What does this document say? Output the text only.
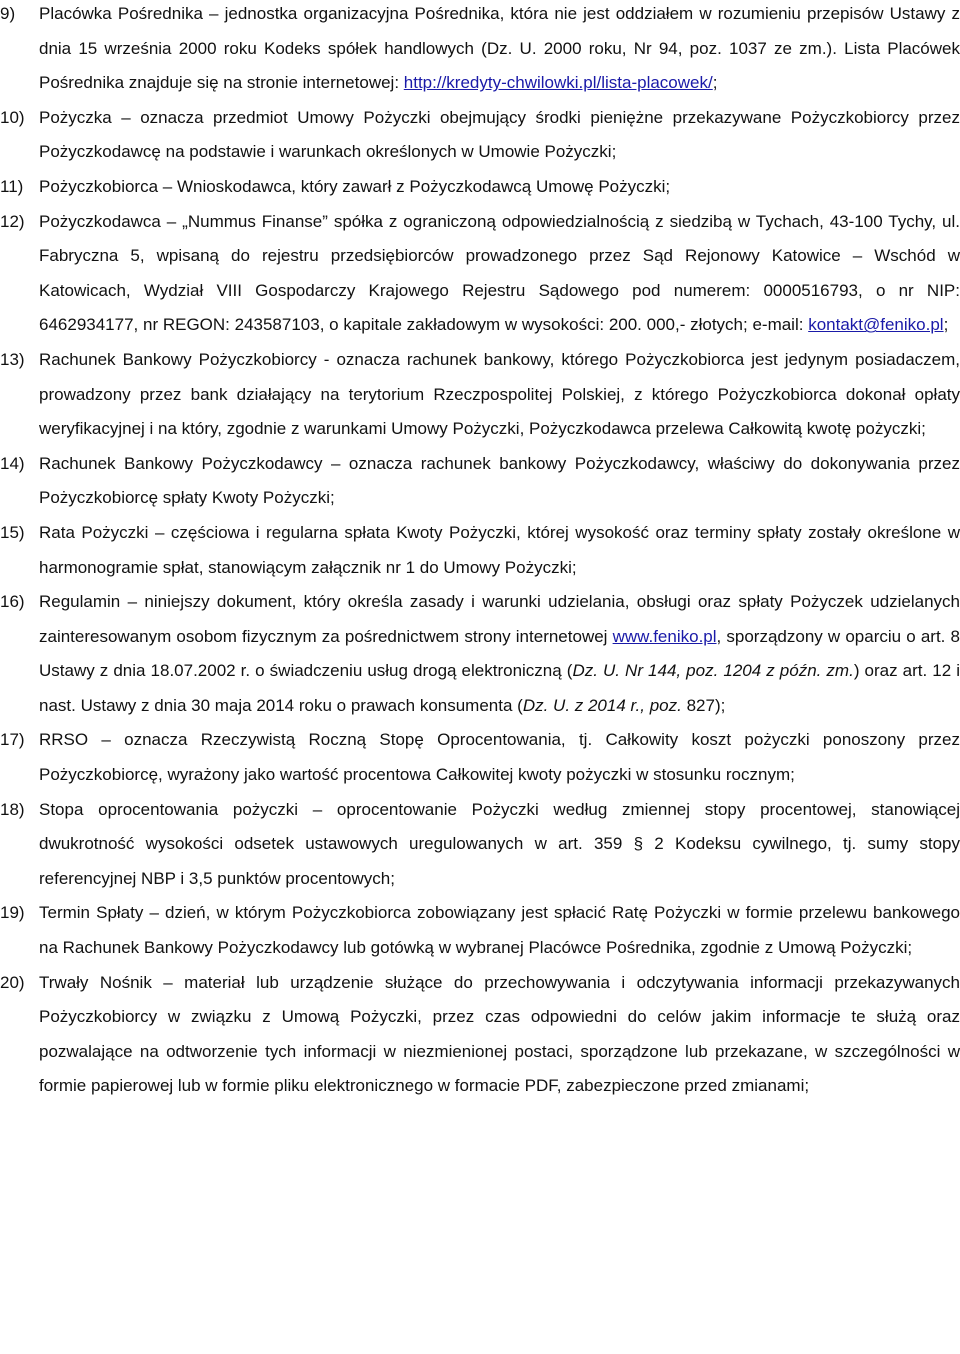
9) Placówka Pośrednika – jednostka organizacyjna Pośrednika, która nie jest oddziałem w rozumieniu przepisów Ustawy z dnia 15 września 2000 roku Kodeks spółek handlowych (Dz. U. 2000 roku, Nr 94, poz. 1037 ze zm.). Lista Placówek Pośrednika znajduje się na stronie internetowej: http://kredyty-chwilowki.pl/lista-placowek/;
10) Pożyczka – oznacza przedmiot Umowy Pożyczki obejmujący środki pieniężne przekazywane Pożyczkobiorcy przez Pożyczkodawcę na podstawie i warunkach określonych w Umowie Pożyczki;
11) Pożyczkobiorca – Wnioskodawca, który zawarł z Pożyczkodawcą Umowę Pożyczki;
12) Pożyczkodawca – „Nummus Finanse” spółka z ograniczoną odpowiedzialnością z siedzibą w Tychach, 43-100 Tychy, ul. Fabryczna 5, wpisaną do rejestru przedsiębiorców prowadzonego przez Sąd Rejonowy Katowice – Wschód w Katowicach, Wydział VIII Gospodarczy Krajowego Rejestru Sądowego pod numerem: 0000516793, o nr NIP: 6462934177, nr REGON: 243587103, o kapitale zakładowym w wysokości: 200. 000,- złotych; e-mail: kontakt@feniko.pl;
13) Rachunek Bankowy Pożyczkobiorcy - oznacza rachunek bankowy, którego Pożyczkobiorca jest jedynym posiadaczem, prowadzony przez bank działający na terytorium Rzeczpospolitej Polskiej, z którego Pożyczkobiorca dokonał opłaty weryfikacyjnej i na który, zgodnie z warunkami Umowy Pożyczki, Pożyczkodawca przelewa Całkowitą kwotę pożyczki;
14) Rachunek Bankowy Pożyczkodawcy – oznacza rachunek bankowy Pożyczkodawcy, właściwy do dokonywania przez Pożyczkobiorcę spłaty Kwoty Pożyczki;
15) Rata Pożyczki – częściowa i regularna spłata Kwoty Pożyczki, której wysokość oraz terminy spłaty zostały określone w harmonogramie spłat, stanowiącym załącznik nr 1 do Umowy Pożyczki;
16) Regulamin – niniejszy dokument, który określa zasady i warunki udzielania, obsługi oraz spłaty Pożyczek udzielanych zainteresowanym osobom fizycznym za pośrednictwem strony internetowej www.feniko.pl, sporządzony w oparciu o art. 8 Ustawy z dnia 18.07.2002 r. o świadczeniu usług drogą elektroniczną (Dz. U. Nr 144, poz. 1204 z późn. zm.) oraz art. 12 i nast. Ustawy z dnia 30 maja 2014 roku o prawach konsumenta (Dz. U. z 2014 r., poz. 827);
17) RRSO – oznacza Rzeczywistą Roczną Stopę Oprocentowania, tj. Całkowity koszt pożyczki ponoszony przez Pożyczkobiorcę, wyrażony jako wartość procentowa Całkowitej kwoty pożyczki w stosunku rocznym;
18) Stopa oprocentowania pożyczki – oprocentowanie Pożyczki według zmiennej stopy procentowej, stanowiącej dwukrotność wysokości odsetek ustawowych uregulowanych w art. 359 § 2 Kodeksu cywilnego, tj. sumy stopy referencyjnej NBP i 3,5 punktów procentowych;
19) Termin Spłaty – dzień, w którym Pożyczkobiorca zobowiązany jest spłacić Ratę Pożyczki w formie przelewu bankowego na Rachunek Bankowy Pożyczkodawcy lub gotówką w wybranej Placówce Pośrednika, zgodnie z Umową Pożyczki;
20) Trwały Nośnik – materiał lub urządzenie służące do przechowywania i odczytywania informacji przekazywanych Pożyczkobiorcy w związku z Umową Pożyczki, przez czas odpowiedni do celów jakim informacje te służą oraz pozwalające na odtworzenie tych informacji w niezmienionej postaci, sporządzone lub przekazane, w szczególności w formie papierowej lub w formie pliku elektronicznego w formacie PDF, zabezpieczone przed zmianami;
